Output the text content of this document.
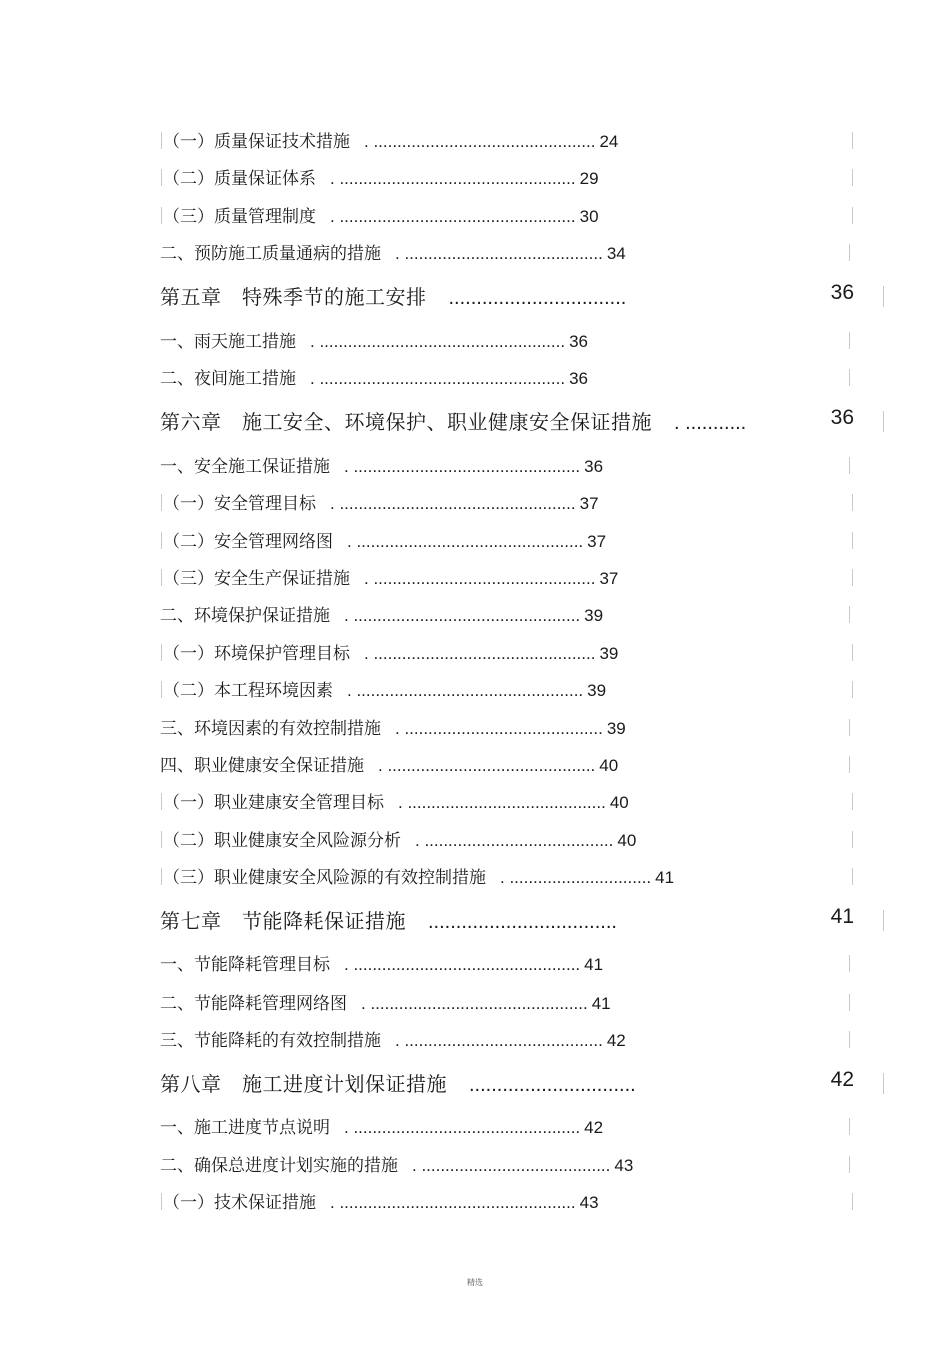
（一）质量保证技术措施 . ............................................... 24
（二）质量保证体系 . .................................................. 29
（三）质量管理制度 . .................................................. 30
二、预防施工质量通病的措施 . .......................................... 34
第五章　特殊季节的施工安排 ................................	36
一、雨天施工措施 . .................................................... 36
二、夜间施工措施 . .................................................... 36
第六章　施工安全、环境保护、职业健康安全保证措施 . ...........	36
一、安全施工保证措施 . ................................................ 36
（一）安全管理目标 . .................................................. 37
（二）安全管理网络图 . ................................................ 37
（三）安全生产保证措施 . ............................................... 37
二、环境保护保证措施 . ................................................ 39
（一）环境保护管理目标 . ............................................... 39
（二）本工程环境因素 . ................................................ 39
三、环境因素的有效控制措施 . .......................................... 39
四、职业健康安全保证措施 . ............................................ 40
（一）职业建康安全管理目标 . .......................................... 40
（二）职业健康安全风险源分析 . ........................................ 40
（三）职业健康安全风险源的有效控制措施 . .............................. 41
第七章　节能降耗保证措施 ..................................	41
一、节能降耗管理目标 . ................................................ 41
二、节能降耗管理网络图 . .............................................. 41
三、节能降耗的有效控制措施 . .......................................... 42
第八章　施工进度计划保证措施 ..............................	42
一、施工进度节点说明 . ................................................ 42
二、确保总进度计划实施的措施 . ........................................ 43
（一）技术保证措施 . .................................................. 43
精选
